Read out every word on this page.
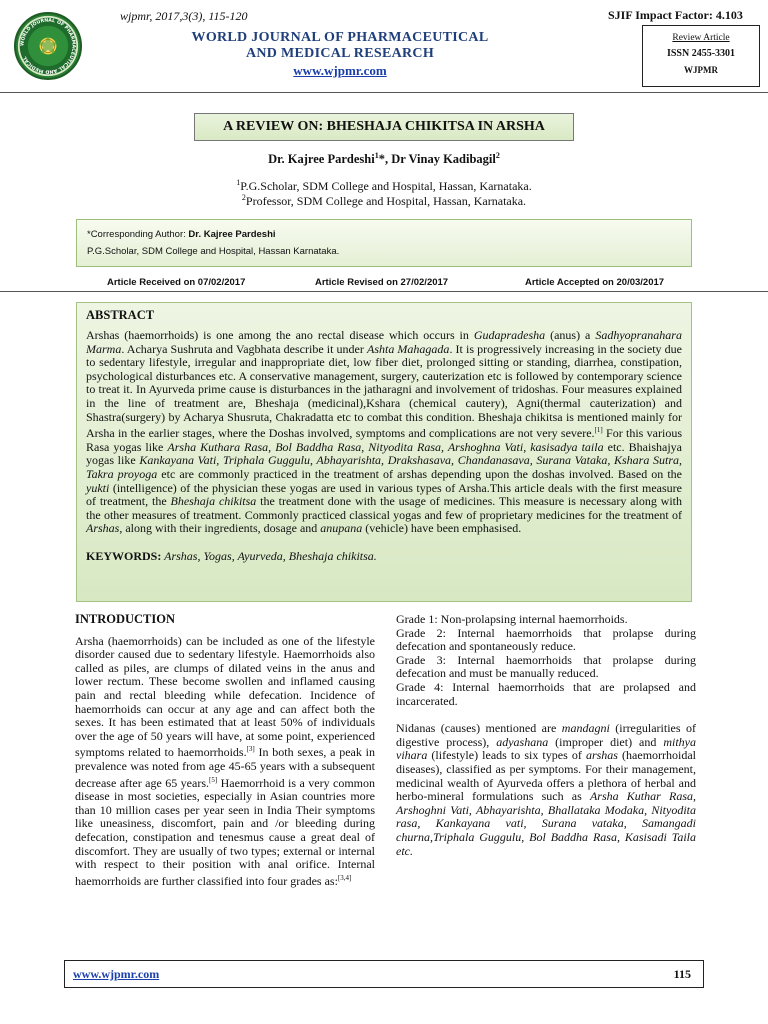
WORLD JOURNAL OF PHARMACEUTICAL AND MEDICAL
wjpmr, 2017,3(3), 115-120
WORLD JOURNAL OF PHARMACEUTICAL
AND MEDICAL RESEARCH
www.wjpmr.com
SJIF Impact Factor: 4.103
Review Article
ISSN 2455-3301
WJPMR
A REVIEW ON: BHESHAJA CHIKITSA IN ARSHA
Dr. Kajree Pardeshi$^1$*, Dr Vinay Kadibagil$^2$
$^1$P.G.Scholar, SDM College and Hospital, Hassan, Karnataka.
$^2$Professor, SDM College and Hospital, Hassan, Karnataka.
*Corresponding Author: Dr. Kajree Pardeshi
P.G.Scholar, SDM College and Hospital, Hassan Karnataka.
Article Received on 07/02/2017	Article Revised on 27/02/2017	Article Accepted on 20/03/2017
ABSTRACT
Arshas (haemorrhoids) is one among the ano rectal disease which occurs in Gudapradesha (anus) a Sadhyopranahara Marma. Acharya Sushruta and Vagbhata describe it under Ashta Mahagada. It is progressively increasing in the society due to sedentary lifestyle, irregular and inappropriate diet, low fiber diet, prolonged sitting or standing, diarrhea, constipation, psychological disturbances etc. A conservative management, surgery, cauterization etc is followed by contemporary science to treat it. In Ayurveda prime cause is disturbances in the jatharagni and involvement of tridoshas. Four measures explained in the line of treatment are, Bheshaja (medicinal),Kshara (chemical cautery), Agni(thermal cauterization) and Shastra(surgery) by Acharya Shusruta, Chakradatta etc to combat this condition. Bheshaja chikitsa is mentioned mainly for Arsha in the earlier stages, where the Doshas involved, symptoms and complications are not very severe.[1] For this various Rasa yogas like Arsha Kuthara Rasa, Bol Baddha Rasa, Nityodita Rasa, Arshoghna Vati, kasisadya taila etc. Bhaishajya yogas like Kankayana Vati, Triphala Guggulu, Abhayarishta, Drakshasava, Chandanasava, Surana Vataka, Kshara Sutra, Takra proyoga etc are commonly practiced in the treatment of arshas depending upon the doshas involved. Based on the yukti (intelligence) of the physician these yogas are used in various types of Arsha.This article deals with the first measure of treatment, the Bheshaja chikitsa the treatment done with the usage of medicines. This measure is necessary along with the other measures of treatment. Commonly practiced classical yogas and few of proprietary medicines for the treatment of Arshas, along with their ingredients, dosage and anupana (vehicle) have been emphasised.
KEYWORDS: Arshas, Yogas, Ayurveda, Bheshaja chikitsa.
INTRODUCTION
Arsha (haemorrhoids) can be included as one of the lifestyle disorder caused due to sedentary lifestyle. Haemorrhoids also called as piles, are clumps of dilated veins in the anus and lower rectum. These become swollen and inflamed causing pain and rectal bleeding while defecation. Incidence of haemorrhoids can occur at any age and can affect both the sexes. It has been estimated that at least 50% of individuals over the age of 50 years will have, at some point, experienced symptoms related to haemorrhoids.[3] In both sexes, a peak in prevalence was noted from age 45-65 years with a subsequent decrease after age 65 years.[5] Haemorrhoid is a very common disease in most societies, especially in Asian countries more than 10 million cases per year seen in India Their symptoms like uneasiness, discomfort, pain and /or bleeding during defecation, constipation and tenesmus cause a great deal of discomfort. They are usually of two types; external or internal with respect to their position with anal orifice. Internal haemorrhoids are further classified into four grades as:[3,4]
Grade 1: Non-prolapsing internal haemorrhoids.
Grade 2: Internal haemorrhoids that prolapse during defecation and spontaneously reduce.
Grade 3: Internal haemorrhoids that prolapse during defecation and must be manually reduced.
Grade 4: Internal haemorrhoids that are prolapsed and incarcerated.
Nidanas (causes) mentioned are mandagni (irregularities of digestive process), adyashana (improper diet) and mithya vihara (lifestyle) leads to six types of arshas (haemorrhoidal diseases), classified as per symptoms. For their management, medicinal wealth of Ayurveda offers a plethora of herbal and herbo-mineral formulations such as Arsha Kuthar Rasa, Arshoghni Vati, Abhayarishta, Bhallataka Modaka, Nityodita rasa, Kankayana vati, Surana vataka, Samangadi churna,Triphala Guggulu, Bol Baddha Rasa, Kasisadi Taila etc.
www.wjpmr.com	115
